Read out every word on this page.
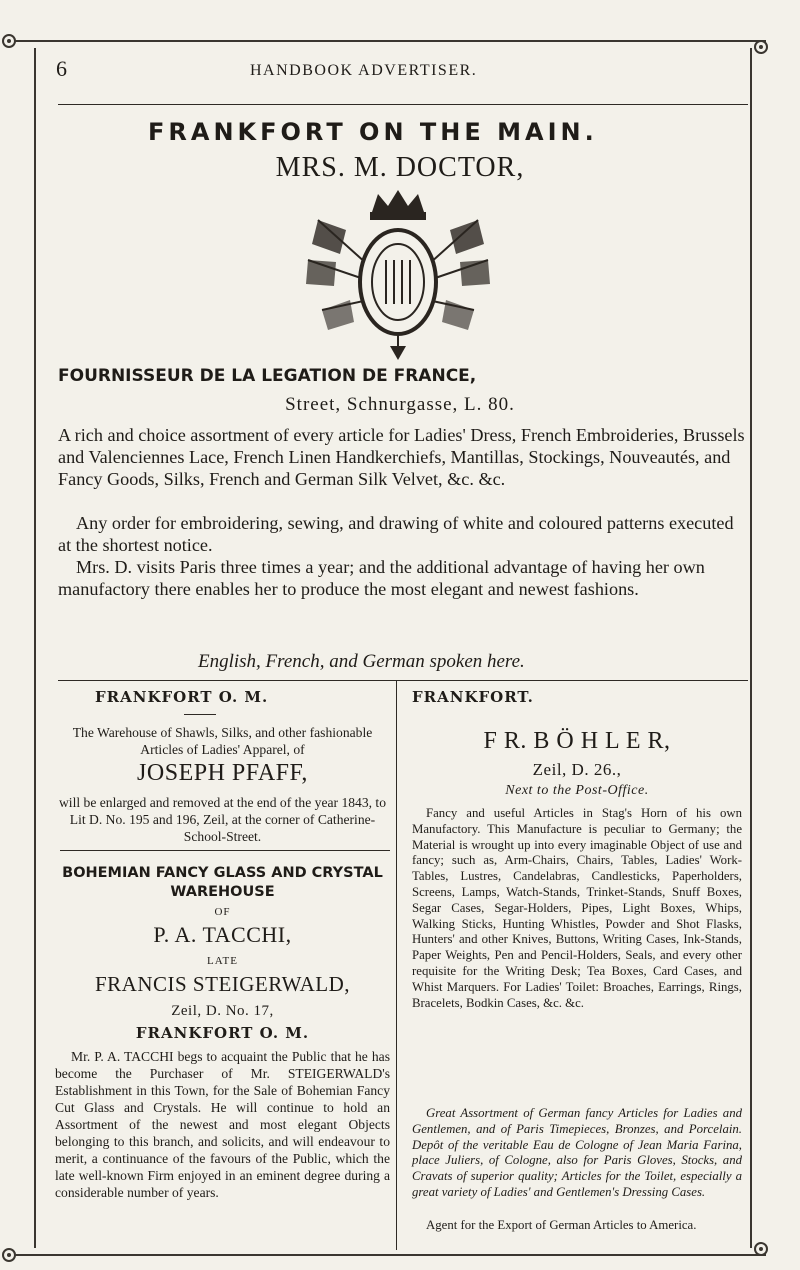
6	HANDBOOK ADVERTISER.
FRANKFORT ON THE MAIN.
MRS. M. DOCTOR,
FOURNISSEUR DE LA LEGATION DE FRANCE,
Street, Schnurgasse, L. 80.

A rich and choice assortment of every article for Ladies' Dress, French Embroideries, Brussels and Valenciennes Lace, French Linen Handkerchiefs, Mantillas, Stockings, Nouveautés, and Fancy Goods, Silks, French and German Silk Velvet, &c. &c.

Any order for embroidering, sewing, and drawing of white and coloured patterns executed at the shortest notice.

Mrs. D. visits Paris three times a year; and the additional advantage of having her own manufactory there enables her to produce the most elegant and newest fashions.

English, French, and German spoken here.
FRANKFORT O. M.

The Warehouse of Shawls, Silks, and other fashionable Articles of Ladies' Apparel, of

JOSEPH PFAFF,

will be enlarged and removed at the end of the year 1843, to Lit D. No. 195 and 196, Zeil, at the corner of Catherine-School-Street.

BOHEMIAN FANCY GLASS AND CRYSTAL WAREHOUSE
OF
P. A. TACCHI,
LATE
FRANCIS STEIGERWALD,
Zeil, D. No. 17,
FRANKFORT O. M.

Mr. P. A. TACCHI begs to acquaint the Public that he has become the Purchaser of Mr. STEIGERWALD's Establishment in this Town, for the Sale of Bohemian Fancy Cut Glass and Crystals. He will continue to hold an Assortment of the newest and most elegant Objects belonging to this branch, and solicits, and will endeavour to merit, a continuance of the favours of the Public, which the late well-known Firm enjoyed in an eminent degree during a considerable number of years.

FRANKFORT.
F R. B Ö H L E R,
Zeil, D. 26.,
Next to the Post-Office.

Fancy and useful Articles in Stag's Horn of his own Manufactory. This Manufacture is peculiar to Germany; the Material is wrought up into every imaginable Object of use and fancy; such as, Arm-Chairs, Chairs, Tables, Ladies' Work-Tables, Lustres, Candelabras, Candlesticks, Paperholders, Screens, Lamps, Watch-Stands, Trinket-Stands, Snuff Boxes, Segar Cases, Segar-Holders, Pipes, Light Boxes, Whips, Walking Sticks, Hunting Whistles, Powder and Shot Flasks, Hunters' and other Knives, Buttons, Writing Cases, Ink-Stands, Paper Weights, Pen and Pencil-Holders, Seals, and every other requisite for the Writing Desk; Tea Boxes, Card Cases, and Whist Marquers. For Ladies' Toilet: Broaches, Earrings, Rings, Bracelets, Bodkin Cases, &c. &c.

Great Assortment of German fancy Articles for Ladies and Gentlemen, and of Paris Timepieces, Bronzes, and Porcelain. Depôt of the veritable Eau de Cologne of Jean Maria Farina, place Juliers, of Cologne, also for Paris Gloves, Stocks, and Cravats of superior quality; Articles for the Toilet, especially a great variety of Ladies' and Gentlemen's Dressing Cases.

Agent for the Export of German Articles to America.
